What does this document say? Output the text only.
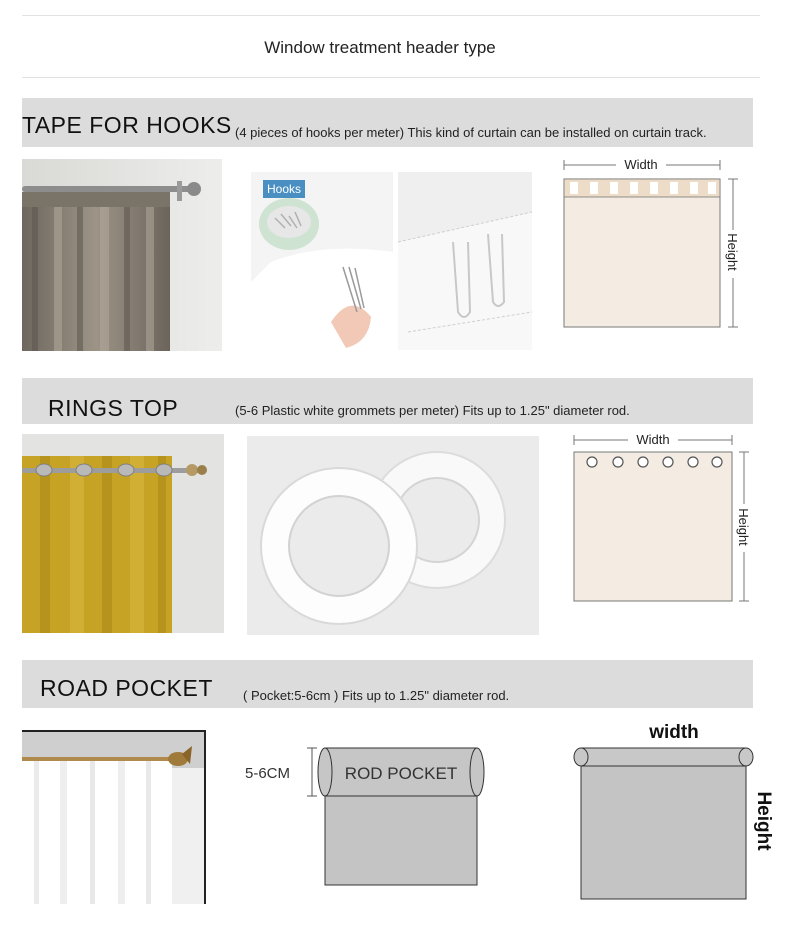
Window treatment header type
TAPE FOR HOOKS (4 pieces of hooks per meter) This kind of curtain can be installed on curtain track.
Hooks
Width
Height
RINGS TOP	(5-6 Plastic white grommets per meter) Fits up to 1.25" diameter rod.
Width
Height
ROAD POCKET ( Pocket:5-6cm ) Fits up to 1.25" diameter rod.
5-6CM	ROD POCKET
width
Height
